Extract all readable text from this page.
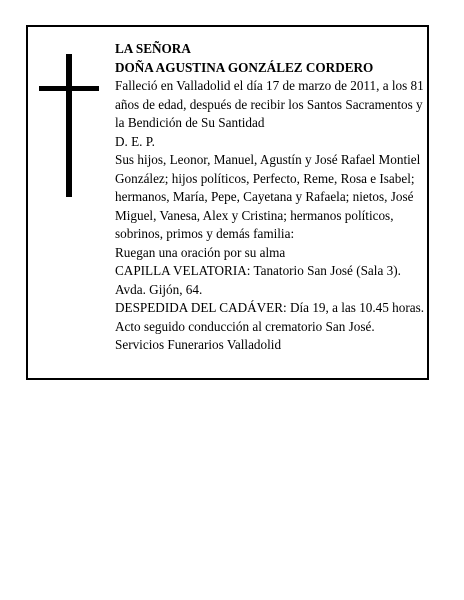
LA SEÑORA

DOÑA AGUSTINA GONZÁLEZ CORDERO

Falleció en Valladolid el día 17 de marzo de 2011, a los 81 años de edad, después de recibir los Santos Sacramentos y la Bendición de Su Santidad

D. E. P.

Sus hijos, Leonor, Manuel, Agustín y José Rafael Montiel González; hijos políticos, Perfecto, Reme, Rosa e Isabel; hermanos, María, Pepe, Cayetana y Rafaela; nietos, José Miguel, Vanesa, Alex y Cristina; hermanos políticos, sobrinos, primos y demás familia:

Ruegan una oración por su alma

CAPILLA VELATORIA: Tanatorio San José (Sala 3). Avda. Gijón, 64.

DESPEDIDA DEL CADÁVER: Día 19, a las 10.45 horas. Acto seguido conducción al crematorio San José.

Servicios Funerarios Valladolid
